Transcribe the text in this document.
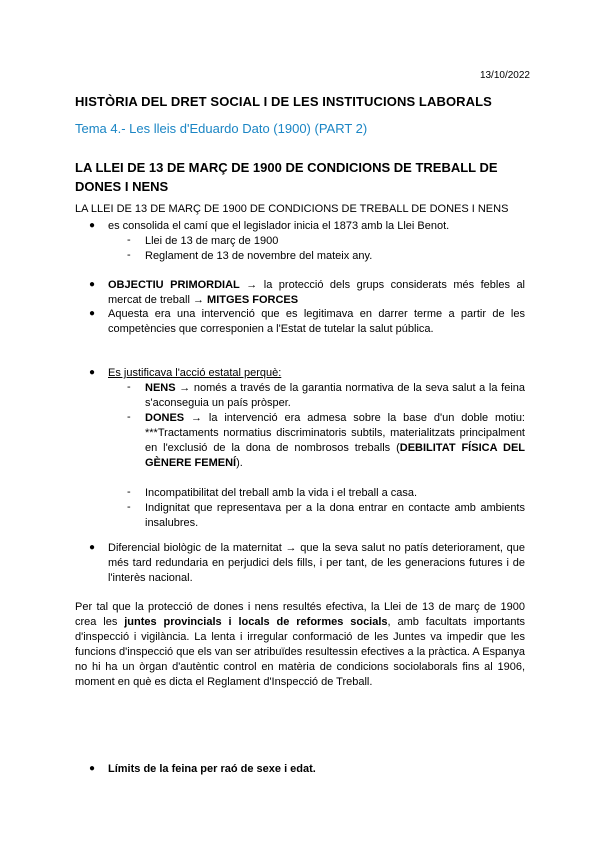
13/10/2022
HISTÒRIA DEL DRET SOCIAL I DE LES INSTITUCIONS LABORALS
Tema 4.- Les lleis d'Eduardo Dato (1900) (PART 2)
LA LLEI DE 13 DE MARÇ DE 1900 DE CONDICIONS DE TREBALL DE DONES I NENS
LA LLEI DE 13 DE MARÇ DE 1900 DE CONDICIONS DE TREBALL DE DONES I NENS
● es consolida el camí que el legislador inicia el 1873 amb la Llei Benot.
- Llei de 13 de març de 1900
- Reglament de 13 de novembre del mateix any.
● OBJECTIU PRIMORDIAL → la protecció dels grups considerats més febles al mercat de treball → MITGES FORCES
● Aquesta era una intervenció que es legitimava en darrer terme a partir de les competències que corresponien a l'Estat de tutelar la salut pública.
● Es justificava l'acció estatal perquè:
- NENS → només a través de la garantia normativa de la seva salut a la feina s'aconseguia un país pròsper.
- DONES → la intervenció era admesa sobre la base d'un doble motiu: ***Tractaments normatius discriminatoris subtils, materialitzats principalment en l'exclusió de la dona de nombrosos treballs (DEBILITAT FÍSICA DEL GÈNERE FEMENÍ).
- Incompatibilitat del treball amb la vida i el treball a casa.
- Indignitat que representava per a la dona entrar en contacte amb ambients insalubres.
● Diferencial biològic de la maternitat → que la seva salut no patís deteriorament, que més tard redundaria en perjudici dels fills, i per tant, de les generacions futures i de l'interès nacional.
Per tal que la protecció de dones i nens resultés efectiva, la Llei de 13 de març de 1900 crea les juntes provincials i locals de reformes socials, amb facultats importants d'inspecció i vigilància. La lenta i irregular conformació de les Juntes va impedir que les funcions d'inspecció que els van ser atribuïdes resultessin efectives a la pràctica. A Espanya no hi ha un òrgan d'autèntic control en matèria de condicions sociolaborals fins al 1906, moment en què es dicta el Reglament d'Inspecció de Treball.
● Límits de la feina per raó de sexe i edat.
